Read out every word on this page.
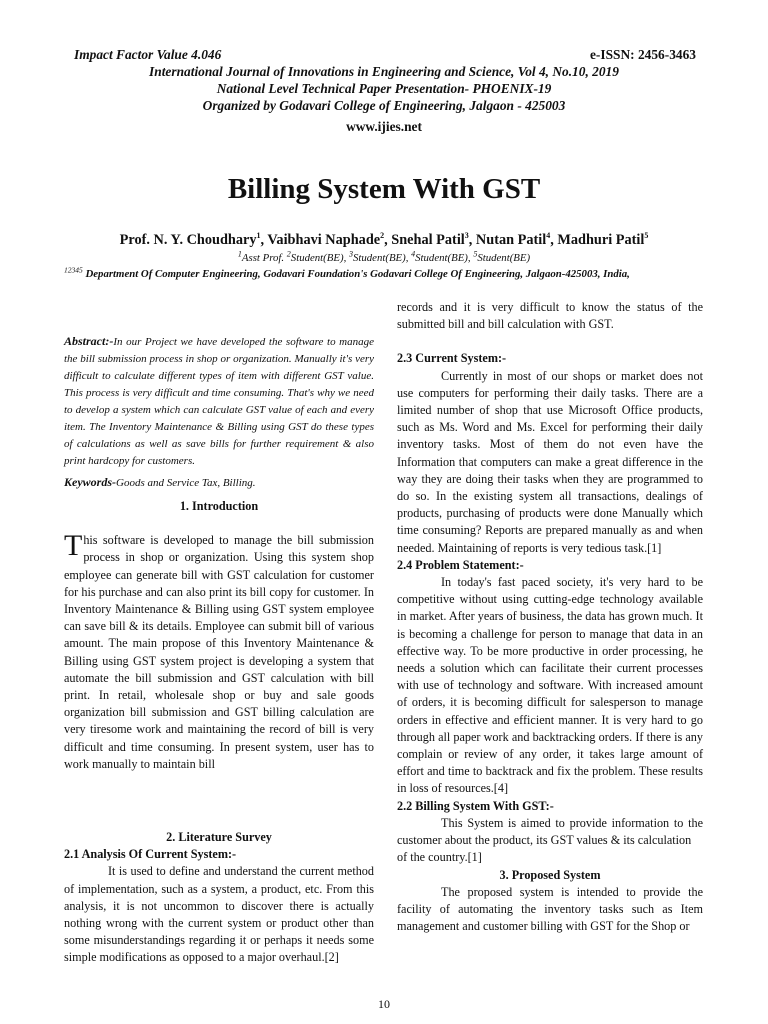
Impact Factor Value 4.046	e-ISSN: 2456-3463
International Journal of Innovations in Engineering and Science, Vol 4, No.10, 2019
National Level Technical Paper Presentation- PHOENIX-19
Organized by Godavari College of Engineering, Jalgaon - 425003
www.ijies.net
Billing System With GST
Prof. N. Y. Choudhary$^1$, Vaibhavi Naphade$^2$, Snehal Patil$^3$, Nutan Patil$^4$, Madhuri Patil$^5$
$^1$Asst Prof. $^2$Student(BE), $^3$Student(BE), $^4$Student(BE), $^5$Student(BE)
$^{12345}$ Department Of Computer Engineering, Godavari Foundation's Godavari College Of Engineering, Jalgaon-425003, India,

Abstract:-In our Project we have developed the software to manage the bill submission process in shop or organization. Manually it's very difficult to calculate different types of item with different GST value. This process is very difficult and time consuming. That's why we need to develop a system which can calculate GST value of each and every item. The Inventory Maintenance & Billing using GST do these types of calculations as well as save bills for further requirement & also print hardcopy for customers.

Keywords-Goods and Service Tax, Billing.

1. Introduction

This software is developed to manage the bill submission process in shop or organization. Using this system shop employee can generate bill with GST calculation for customer for his purchase and can also print its bill copy for customer. In Inventory Maintenance & Billing using GST system employee can save bill & its details. Employee can submit bill of various amount. The main propose of this Inventory Maintenance & Billing using GST system project is developing a system that automate the bill submission and GST calculation with bill print. In retail, wholesale shop or buy and sale goods organization bill submission and GST billing calculation are very tiresome work and maintaining the record of bill is very difficult and time consuming. In present system, user has to work manually to maintain bill

2. Literature Survey

2.1 Analysis Of Current System:-

It is used to define and understand the current method of implementation, such as a system, a product, etc. From this analysis, it is not uncommon to discover there is actually nothing wrong with the current system or product other than some misunderstandings regarding it or perhaps it needs some simple modifications as opposed to a major overhaul.[2]

records and it is very difficult to know the status of the submitted bill and bill calculation with GST.

2.3 Current System:-

Currently in most of our shops or market does not use computers for performing their daily tasks. There are a limited number of shop that use Microsoft Office products, such as Ms. Word and Ms. Excel for performing their daily inventory tasks. Most of them do not even have the Information that computers can make a great difference in the way they are doing their tasks when they are programmed to do so. In the existing system all transactions, dealings of products, purchasing of products were done Manually which time consuming? Reports are prepared manually as and when needed. Maintaining of reports is very tedious task.[1]

2.4 Problem Statement:-

In today's fast paced society, it's very hard to be competitive without using cutting-edge technology available in market. After years of business, the data has grown much. It is becoming a challenge for person to manage that data in an effective way. To be more productive in order processing, he needs a solution which can facilitate their current processes with use of technology and software. With increased amount of orders, it is becoming difficult for salesperson to manage orders in effective and efficient manner. It is very hard to go through all paper work and backtracking orders. If there is any complain or review of any order, it takes large amount of effort and time to backtrack and fix the problem. These results in loss of resources.[4]

2.2 Billing System With GST:-

This System is aimed to provide information to the customer about the product, its GST values & its calculation

of the country.[1]

3. Proposed System

The proposed system is intended to provide the facility of automating the inventory tasks such as Item management and customer billing with GST for the Shop or

10
